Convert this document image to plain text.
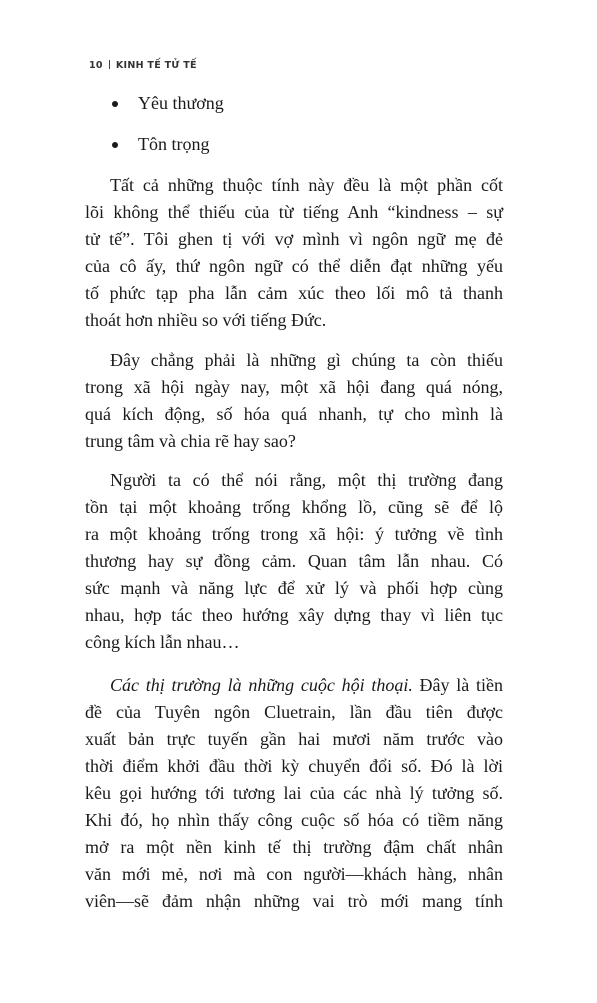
10 KINH TẾ TỬ TẾ
Yêu thương
Tôn trọng

Tất cả những thuộc tính này đều là một phần cốt
lõi không thể thiếu của từ tiếng Anh “kindness – sự
tử tế”. Tôi ghen tị với vợ mình vì ngôn ngữ mẹ đẻ
của cô ấy, thứ ngôn ngữ có thể diễn đạt những yếu
tố phức tạp pha lẫn cảm xúc theo lối mô tả thanh
thoát hơn nhiều so với tiếng Đức.

Đây chẳng phải là những gì chúng ta còn thiếu
trong xã hội ngày nay, một xã hội đang quá nóng,
quá kích động, số hóa quá nhanh, tự cho mình là
trung tâm và chia rẽ hay sao?

Người ta có thể nói rằng, một thị trường đang
tồn tại một khoảng trống khổng lồ, cũng sẽ để lộ
ra một khoảng trống trong xã hội: ý tưởng về tình
thương hay sự đồng cảm. Quan tâm lẫn nhau. Có
sức mạnh và năng lực để xử lý và phối hợp cùng
nhau, hợp tác theo hướng xây dựng thay vì liên tục
công kích lẫn nhau…

Các thị trường là những cuộc hội thoại. Đây là tiền
đề của Tuyên ngôn Cluetrain, lần đầu tiên được
xuất bản trực tuyến gần hai mươi năm trước vào
thời điểm khởi đầu thời kỳ chuyển đổi số. Đó là lời
kêu gọi hướng tới tương lai của các nhà lý tưởng số.
Khi đó, họ nhìn thấy công cuộc số hóa có tiềm năng
mở ra một nền kinh tế thị trường đậm chất nhân
văn mới mẻ, nơi mà con người—khách hàng, nhân
viên—sẽ đảm nhận những vai trò mới mang tính
